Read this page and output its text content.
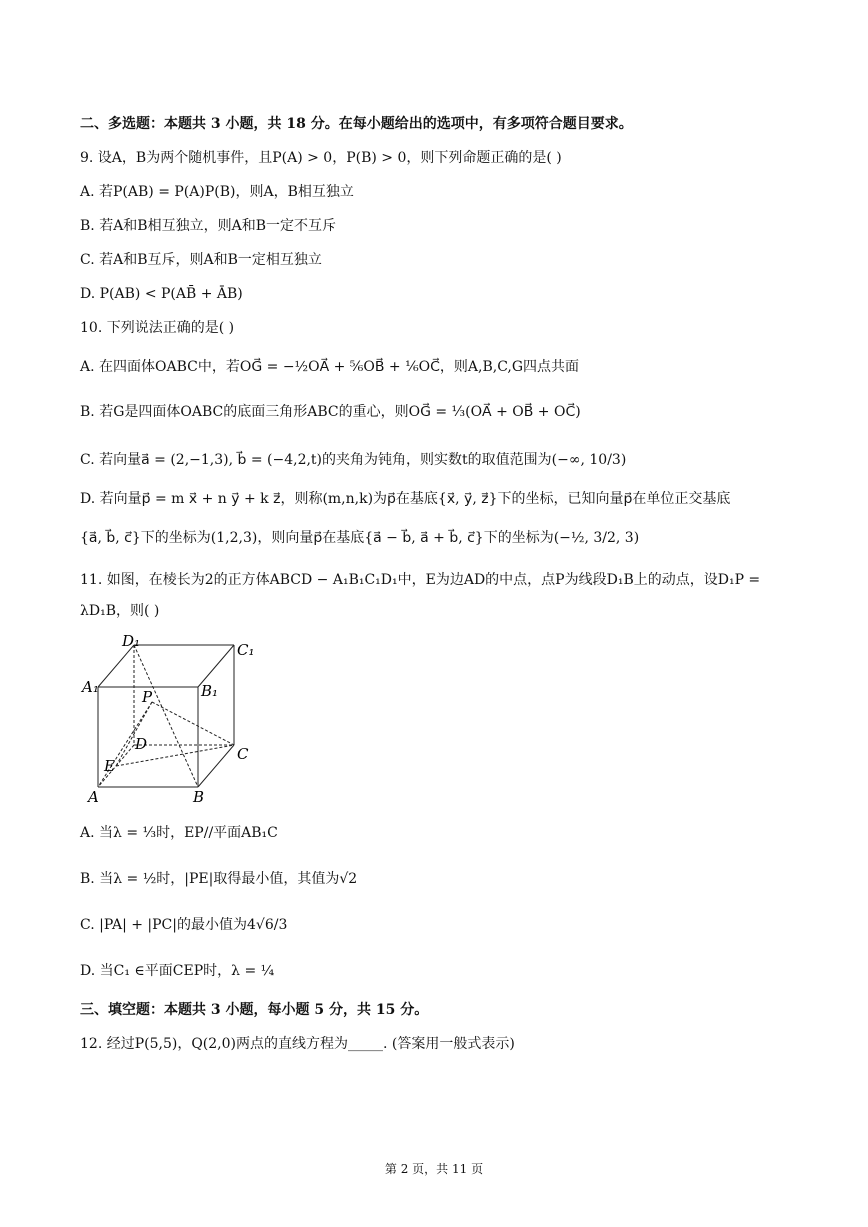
二、多选题：本题共 3 小题，共 18 分。在每小题给出的选项中，有多项符合题目要求。
9. 设A，B为两个随机事件，且P(A) > 0，P(B) > 0，则下列命题正确的是( )
A. 若P(AB) = P(A)P(B)，则A，B相互独立
B. 若A和B相互独立，则A和B一定不互斥
C. 若A和B互斥，则A和B一定相互独立
D. P(AB) < P(AB̄ + ĀB)
10. 下列说法正确的是( )
A. 在四面体OABC中，若OG⃗ = −½OA⃗ + ⅚OB⃗ + ⅙OC⃗，则A,B,C,G四点共面
B. 若G是四面体OABC的底面三角形ABC的重心，则OG⃗ = ⅓(OA⃗ + OB⃗ + OC⃗)
C. 若向量a⃗ = (2,−1,3), b⃗ = (−4,2,t)的夹角为钝角，则实数t的取值范围为(−∞, 10/3)
D. 若向量p⃗ = m x⃗ + n y⃗ + k z⃗，则称(m,n,k)为p⃗在基底{x⃗, y⃗, z⃗}下的坐标，已知向量p⃗在单位正交基底
{a⃗, b⃗, c⃗}下的坐标为(1,2,3)，则向量p⃗在基底{a⃗ − b⃗, a⃗ + b⃗, c⃗}下的坐标为(−½, 3/2, 3)
11. 如图，在棱长为2的正方体ABCD − A₁B₁C₁D₁中，E为边AD的中点，点P为线段D₁B上的动点，设D₁P =
λD₁B，则( )
D₁	C₁
A₁	B₁
P
D
C
E
A	B
A. 当λ = ⅓时，EP//平面AB₁C
B. 当λ = ½时，|PE|取得最小值，其值为√2
C. |PA| + |PC|的最小值为4√6/3
D. 当C₁ ∈平面CEP时，λ = ¼
三、填空题：本题共 3 小题，每小题 5 分，共 15 分。
12. 经过P(5,5)，Q(2,0)两点的直线方程为_____. (答案用一般式表示)
第 2 页，共 11 页
